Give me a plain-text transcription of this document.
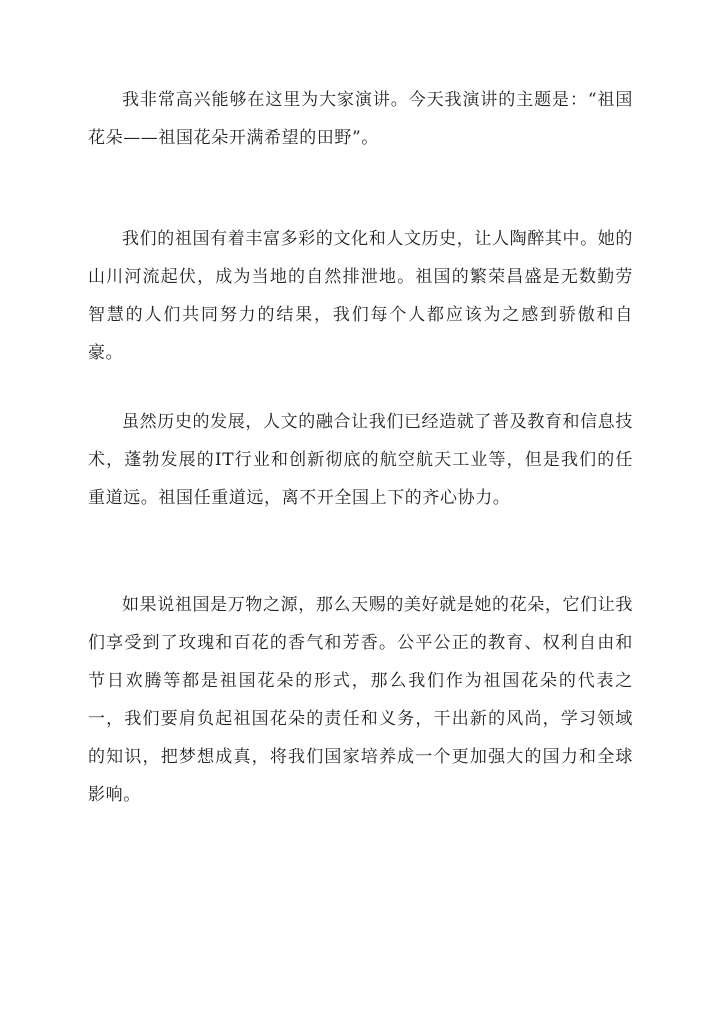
我非常高兴能够在这里为大家演讲。今天我演讲的主题是：“祖国花朵——祖国花朵开满希望的田野”。

我们的祖国有着丰富多彩的文化和人文历史，让人陶醉其中。她的山川河流起伏，成为当地的自然排泄地。祖国的繁荣昌盛是无数勤劳智慧的人们共同努力的结果，我们每个人都应该为之感到骄傲和自豪。

虽然历史的发展，人文的融合让我们已经造就了普及教育和信息技术，蓬勃发展的IT行业和创新彻底的航空航天工业等，但是我们的任重道远。祖国任重道远，离不开全国上下的齐心协力。

如果说祖国是万物之源，那么天赐的美好就是她的花朵，它们让我们享受到了玫瑰和百花的香气和芳香。公平公正的教育、权利自由和节日欢腾等都是祖国花朵的形式，那么我们作为祖国花朵的代表之一，我们要肩负起祖国花朵的责任和义务，干出新的风尚，学习领域的知识，把梦想成真，将我们国家培养成一个更加强大的国力和全球影响。
